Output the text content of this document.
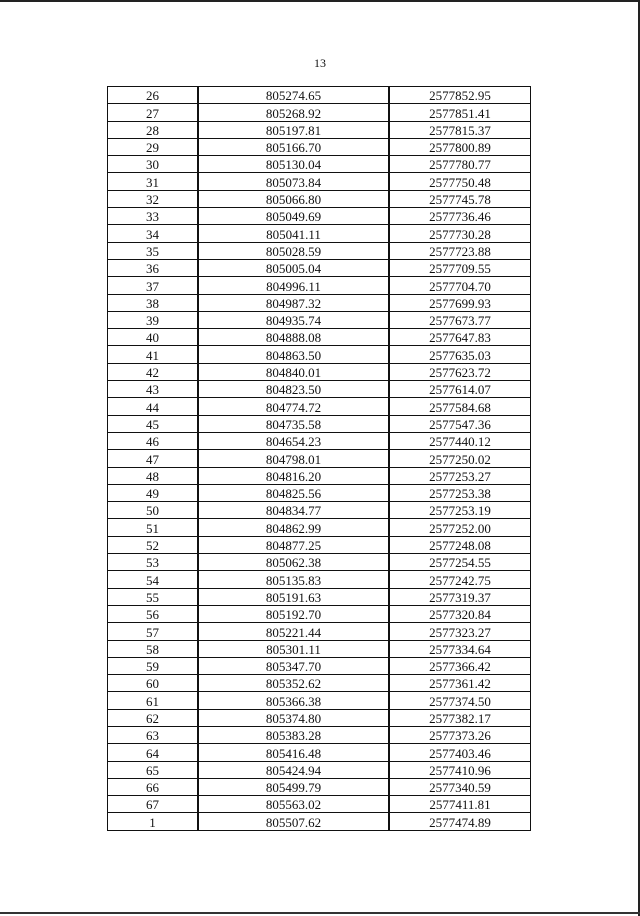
13
26	805274.65	2577852.95
27	805268.92	2577851.41
28	805197.81	2577815.37
29	805166.70	2577800.89
30	805130.04	2577780.77
31	805073.84	2577750.48
32	805066.80	2577745.78
33	805049.69	2577736.46
34	805041.11	2577730.28
35	805028.59	2577723.88
36	805005.04	2577709.55
37	804996.11	2577704.70
38	804987.32	2577699.93
39	804935.74	2577673.77
40	804888.08	2577647.83
41	804863.50	2577635.03
42	804840.01	2577623.72
43	804823.50	2577614.07
44	804774.72	2577584.68
45	804735.58	2577547.36
46	804654.23	2577440.12
47	804798.01	2577250.02
48	804816.20	2577253.27
49	804825.56	2577253.38
50	804834.77	2577253.19
51	804862.99	2577252.00
52	804877.25	2577248.08
53	805062.38	2577254.55
54	805135.83	2577242.75
55	805191.63	2577319.37
56	805192.70	2577320.84
57	805221.44	2577323.27
58	805301.11	2577334.64
59	805347.70	2577366.42
60	805352.62	2577361.42
61	805366.38	2577374.50
62	805374.80	2577382.17
63	805383.28	2577373.26
64	805416.48	2577403.46
65	805424.94	2577410.96
66	805499.79	2577340.59
67	805563.02	2577411.81
1	805507.62	2577474.89
